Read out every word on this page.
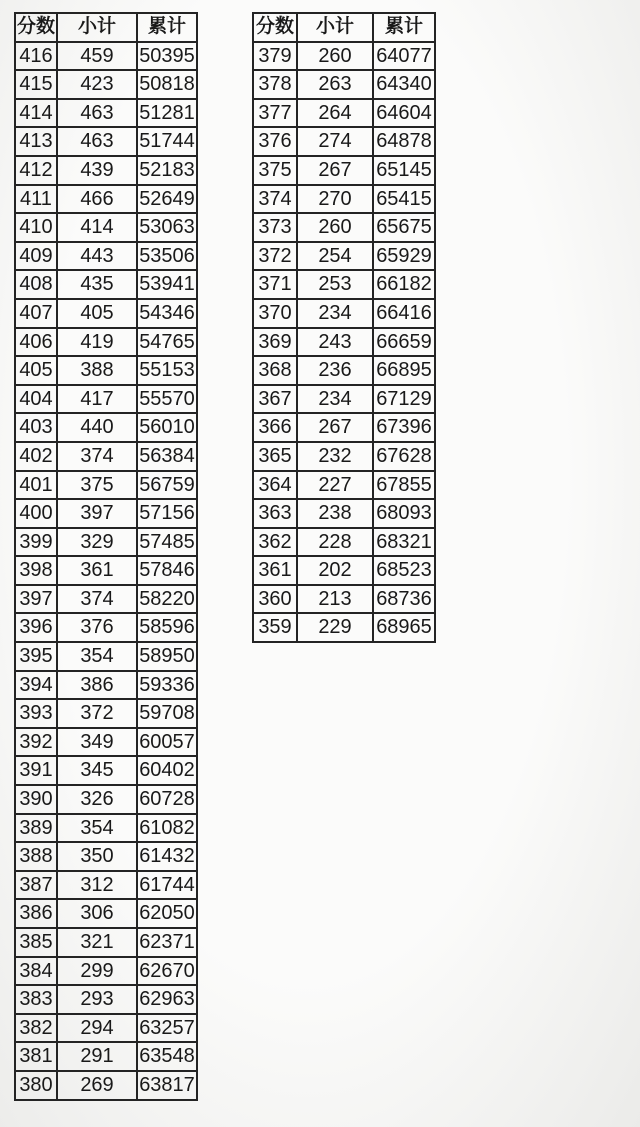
分数	小计	累计
416	459	50395
415	423	50818
414	463	51281
413	463	51744
412	439	52183
411	466	52649
410	414	53063
409	443	53506
408	435	53941
407	405	54346
406	419	54765
405	388	55153
404	417	55570
403	440	56010
402	374	56384
401	375	56759
400	397	57156
399	329	57485
398	361	57846
397	374	58220
396	376	58596
395	354	58950
394	386	59336
393	372	59708
392	349	60057
391	345	60402
390	326	60728
389	354	61082
388	350	61432
387	312	61744
386	306	62050
385	321	62371
384	299	62670
383	293	62963
382	294	63257
381	291	63548
380	269	63817
分数	小计	累计
379	260	64077
378	263	64340
377	264	64604
376	274	64878
375	267	65145
374	270	65415
373	260	65675
372	254	65929
371	253	66182
370	234	66416
369	243	66659
368	236	66895
367	234	67129
366	267	67396
365	232	67628
364	227	67855
363	238	68093
362	228	68321
361	202	68523
360	213	68736
359	229	68965
